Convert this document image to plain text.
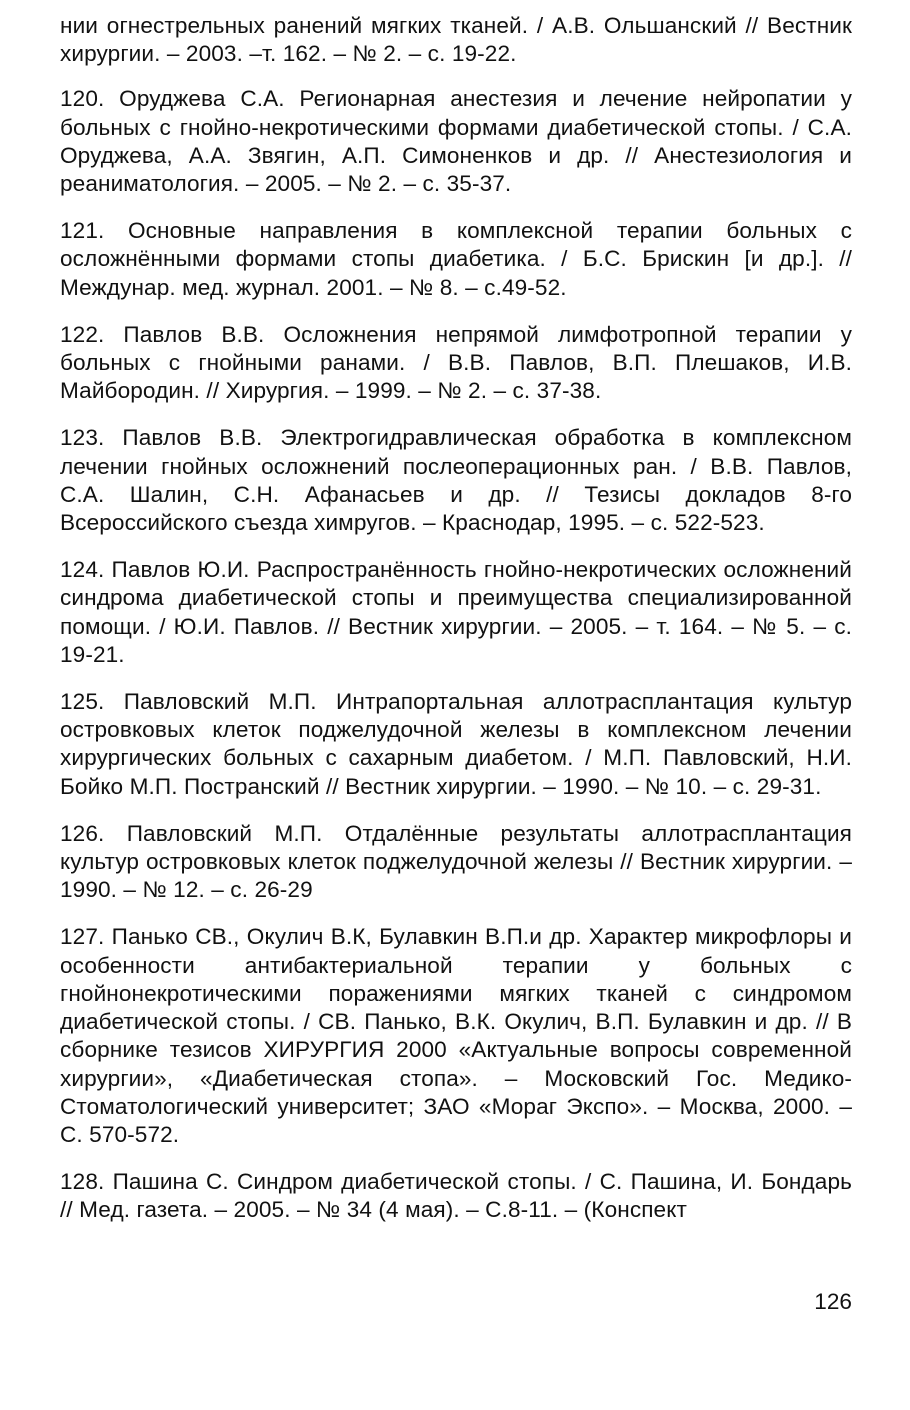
нии огнестрельных ранений мягких тканей. / А.В. Ольшанский // Вестник хирургии. – 2003. –т. 162. – № 2. – с. 19-22.

120. Оруджева С.А. Регионарная анестезия и лечение нейропатии у больных с гнойно-некротическими формами диабетической стопы. / С.А. Оруджева, А.А. Звягин, А.П. Симоненков и др. // Анестезиология и реаниматология. – 2005. – № 2. – с. 35-37.

121. Основные направления в комплексной терапии больных с осложнёнными формами стопы диабетика. / Б.С. Брискин [и др.]. // Междунар. мед. журнал. 2001. – № 8. – с.49-52.

122. Павлов В.В. Осложнения непрямой лимфотропной терапии у больных с гнойными ранами. / В.В. Павлов, В.П. Плешаков, И.В. Майбородин. // Хирургия. – 1999. – № 2. – с. 37-38.

123. Павлов В.В. Электрогидравлическая обработка в комплексном лечении гнойных осложнений послеоперационных ран. / В.В. Павлов, С.А. Шалин, С.Н. Афанасьев и др. // Тезисы докладов 8-го Всероссийского съезда химругов. – Краснодар, 1995. – с. 522-523.

124. Павлов Ю.И. Распространённость гнойно-некротических осложнений синдрома диабетической стопы и преимущества специализированной помощи. / Ю.И. Павлов. // Вестник хирургии. – 2005. – т. 164. – № 5. – с. 19-21.

125. Павловский М.П. Интрапортальная аллотрасплантация культур островковых клеток поджелудочной железы в комплексном лечении хирургических больных с сахарным диабетом. / М.П. Павловский, Н.И. Бойко М.П. Постранский // Вестник хирургии. – 1990. – № 10. – с. 29-31.

126. Павловский М.П. Отдалённые результаты аллотрасплантация культур островковых клеток поджелудочной железы // Вестник хирургии. – 1990. – № 12. – с. 26-29

127. Панько СВ., Окулич В.К, Булавкин В.П.и др. Характер микрофлоры и особенности антибактериальной терапии у больных с гнойнонекротическими поражениями мягких тканей с синдромом диабетической стопы. / СВ. Панько, В.К. Окулич, В.П. Булавкин и др. // В сборнике тезисов ХИРУРГИЯ 2000 «Актуальные вопросы современной хирургии», «Диабетическая стопа». – Московский Гос. Медико-Стоматологический университет; ЗАО «Мораг Экспо». – Москва, 2000. – С. 570-572.

128. Пашина С. Синдром диабетической стопы. / С. Пашина, И. Бондарь // Мед. газета. – 2005. – № 34 (4 мая). – С.8-11. – (Конспект

126
